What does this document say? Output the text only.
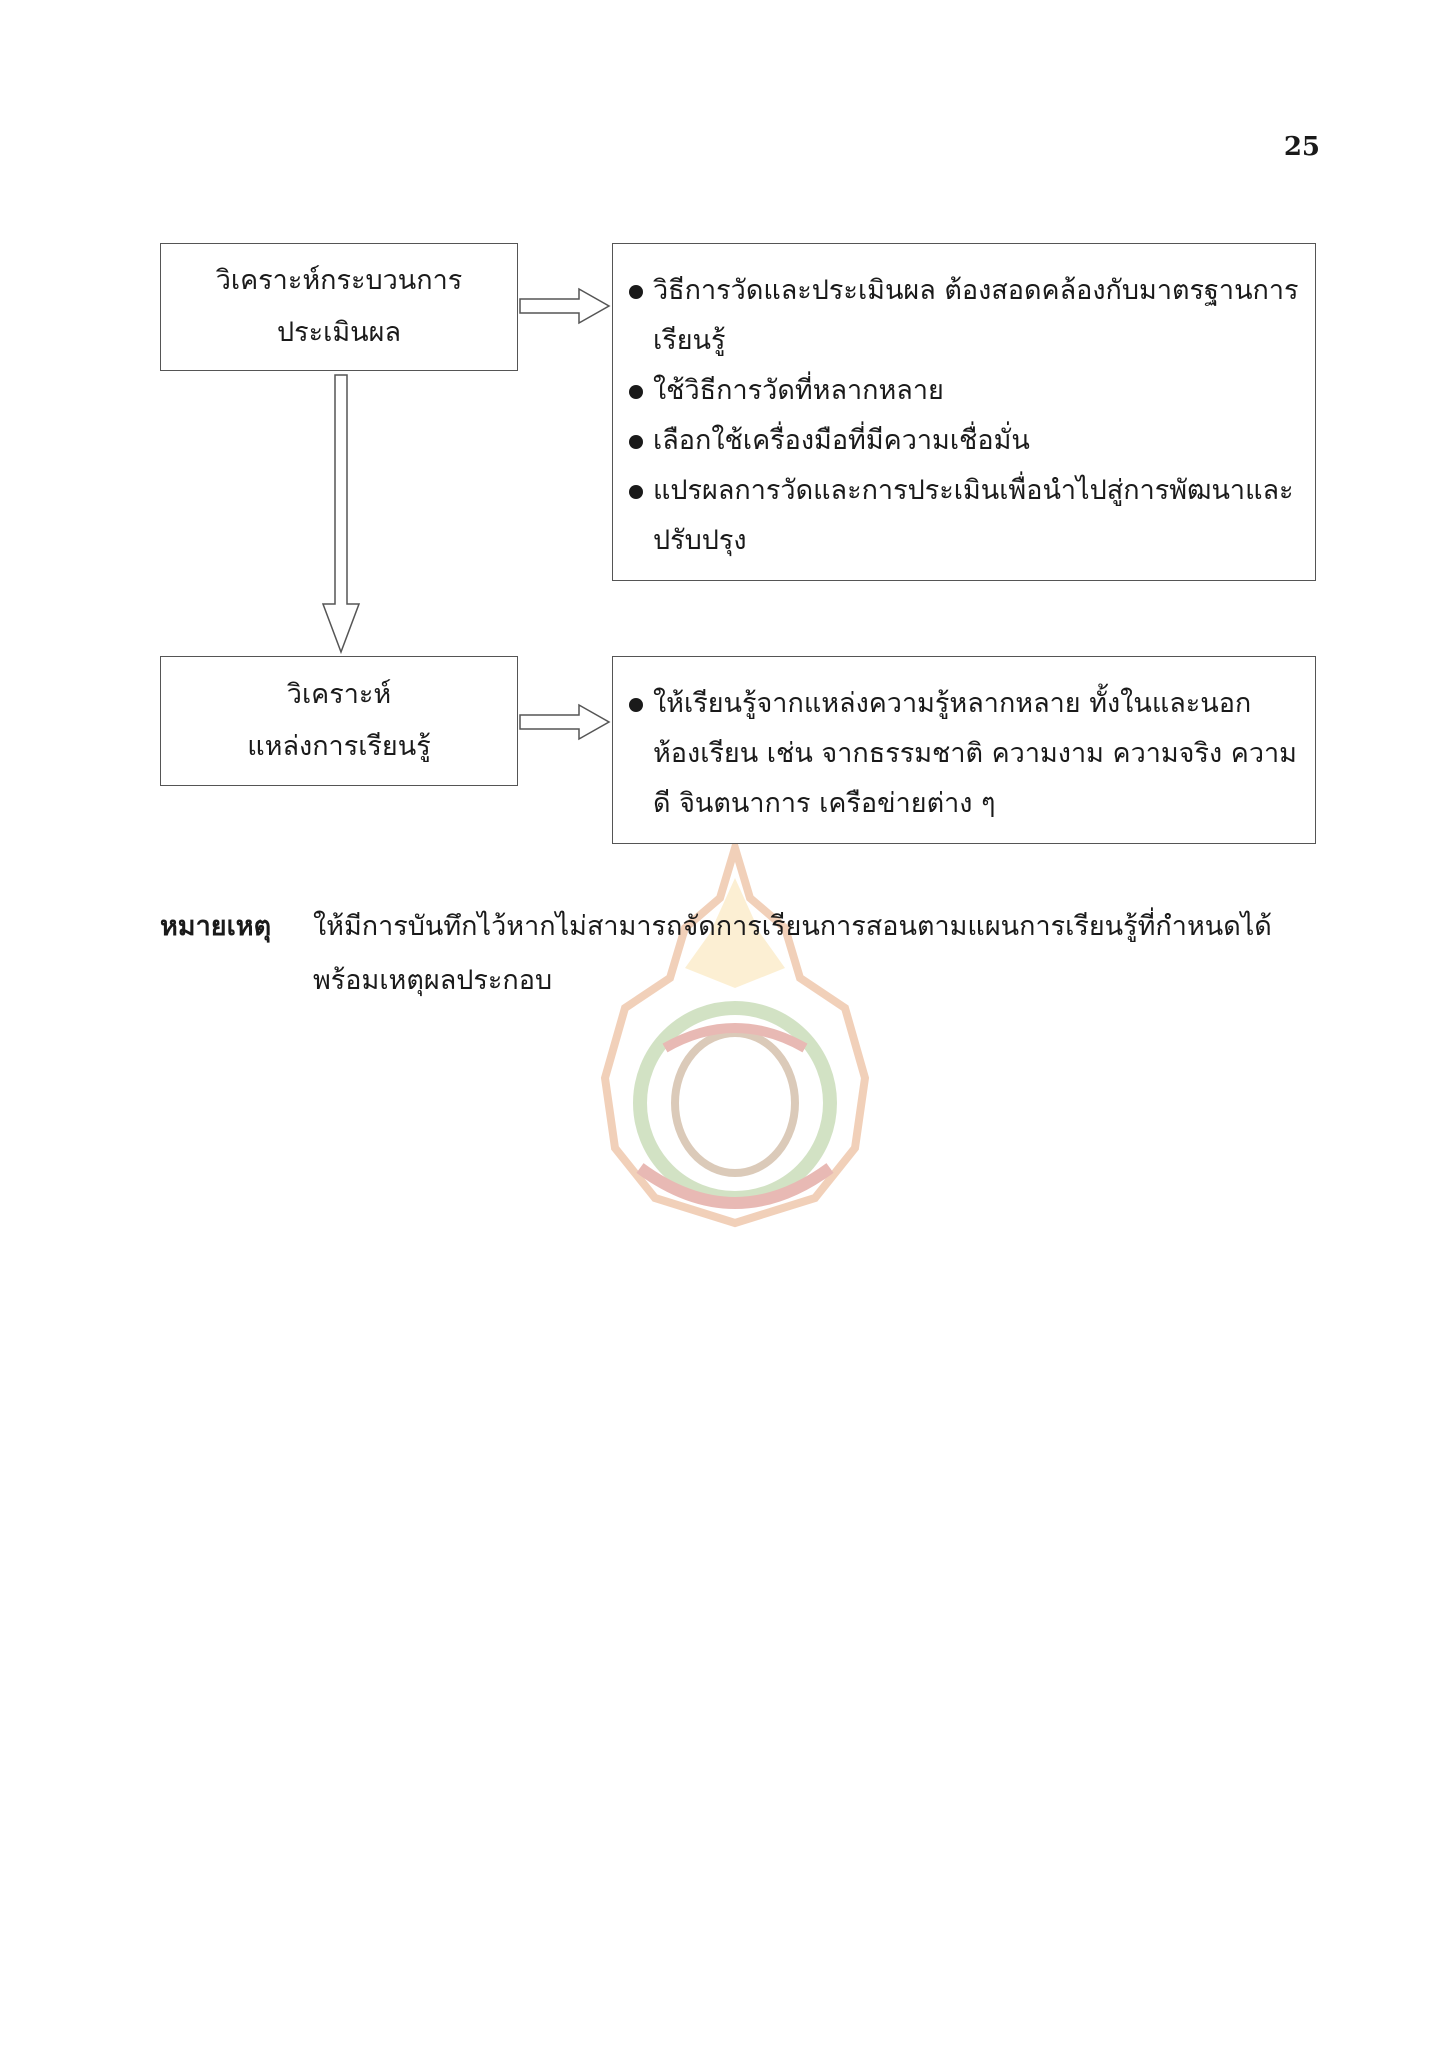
25
วิเคราะห์กระบวนการ
ประเมินผล
วิธีการวัดและประเมินผล ต้องสอดคล้องกับมาตรฐานการเรียนรู้
ใช้วิธีการวัดที่หลากหลาย
เลือกใช้เครื่องมือที่มีความเชื่อมั่น
แปรผลการวัดและการประเมินเพื่อนำไปสู่การพัฒนาและปรับปรุง
วิเคราะห์
แหล่งการเรียนรู้
ให้เรียนรู้จากแหล่งความรู้หลากหลาย ทั้งในและนอกห้องเรียน เช่น จากธรรมชาติ ความงาม ความจริง ความดี จินตนาการ เครือข่ายต่าง ๆ
หมายเหตุ	ให้มีการบันทึกไว้หากไม่สามารถจัดการเรียนการสอนตามแผนการเรียนรู้ที่กำหนดได้ พร้อมเหตุผลประกอบ
